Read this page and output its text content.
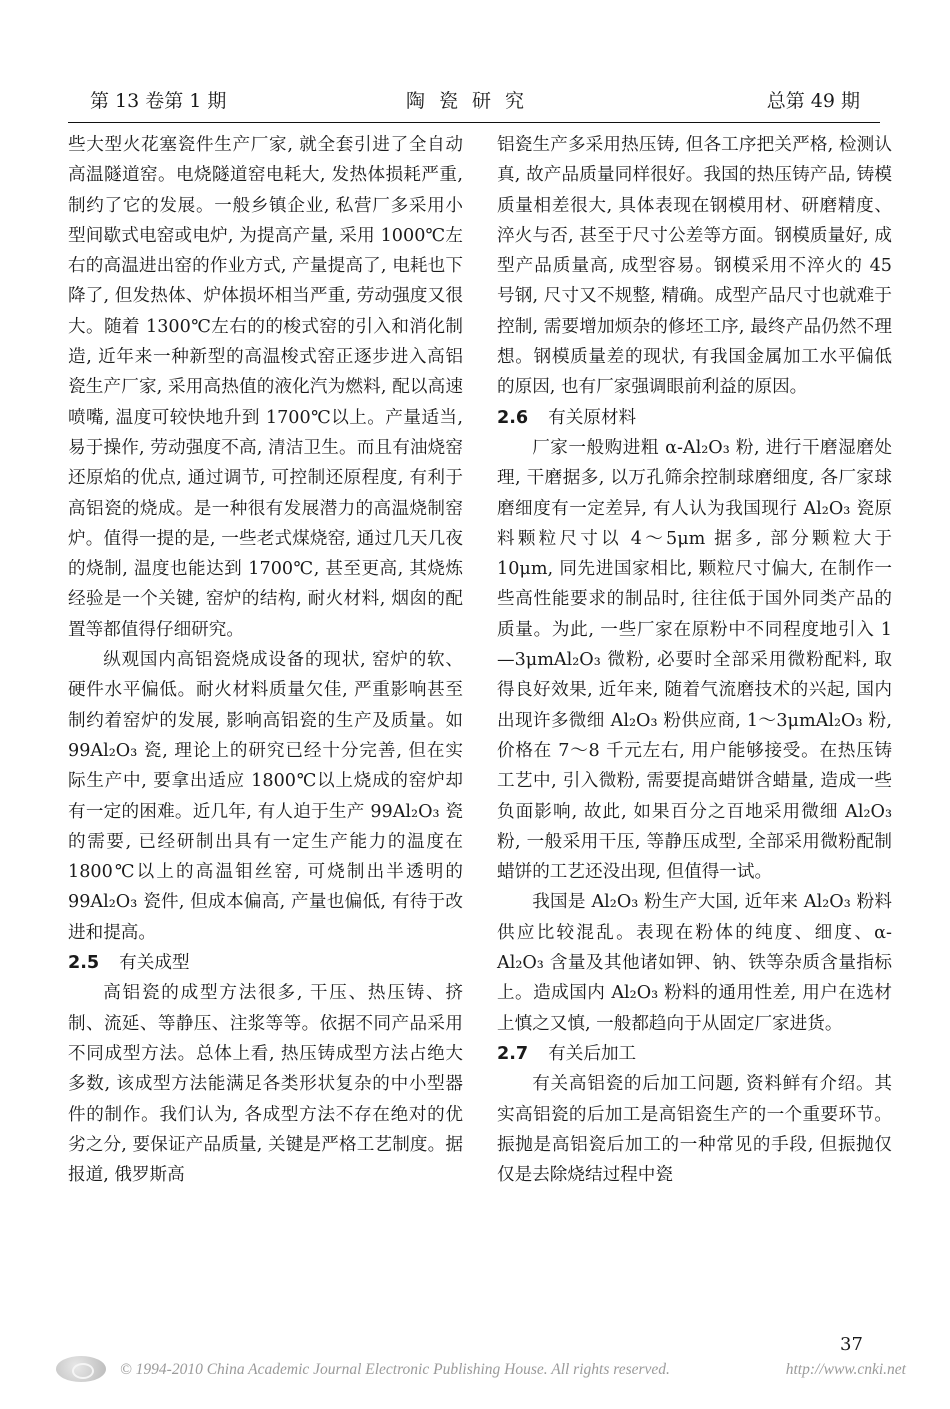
第 13 卷第 1 期	陶瓷研究	总第 49 期

些大型火花塞瓷件生产厂家, 就全套引进了全自动高温隧道窑。电烧隧道窑电耗大, 发热体损耗严重, 制约了它的发展。一般乡镇企业, 私营厂多采用小型间歇式电窑或电炉, 为提高产量, 采用 1000℃左右的高温进出窑的作业方式, 产量提高了, 电耗也下降了, 但发热体、炉体损坏相当严重, 劳动强度又很大。随着 1300℃左右的的梭式窑的引入和消化制造, 近年来一种新型的高温梭式窑正逐步进入高铝瓷生产厂家, 采用高热值的液化汽为燃料, 配以高速喷嘴, 温度可较快地升到 1700℃以上。产量适当, 易于操作, 劳动强度不高, 清洁卫生。而且有油烧窑还原焰的优点, 通过调节, 可控制还原程度, 有利于高铝瓷的烧成。是一种很有发展潜力的高温烧制窑炉。值得一提的是, 一些老式煤烧窑, 通过几天几夜的烧制, 温度也能达到 1700℃, 甚至更高, 其烧炼经验是一个关键, 窑炉的结构, 耐火材料, 烟囱的配置等都值得仔细研究。

纵观国内高铝瓷烧成设备的现状, 窑炉的软、硬件水平偏低。耐火材料质量欠佳, 严重影响甚至制约着窑炉的发展, 影响高铝瓷的生产及质量。如 99Al₂O₃ 瓷, 理论上的研究已经十分完善, 但在实际生产中, 要拿出适应 1800℃以上烧成的窑炉却有一定的困难。近几年, 有人迫于生产 99Al₂O₃ 瓷的需要, 已经研制出具有一定生产能力的温度在 1800℃以上的高温钼丝窑, 可烧制出半透明的 99Al₂O₃ 瓷件, 但成本偏高, 产量也偏低, 有待于改进和提高。

2.5 有关成型

高铝瓷的成型方法很多, 干压、热压铸、挤制、流延、等静压、注浆等等。依据不同产品采用不同成型方法。总体上看, 热压铸成型方法占绝大多数, 该成型方法能满足各类形状复杂的中小型器件的制作。我们认为, 各成型方法不存在绝对的优劣之分, 要保证产品质量, 关键是严格工艺制度。据报道, 俄罗斯高

铝瓷生产多采用热压铸, 但各工序把关严格, 检测认真, 故产品质量同样很好。我国的热压铸产品, 铸模质量相差很大, 具体表现在钢模用材、研磨精度、淬火与否, 甚至于尺寸公差等方面。钢模质量好, 成型产品质量高, 成型容易。钢模采用不淬火的 45 号钢, 尺寸又不规整, 精确。成型产品尺寸也就难于控制, 需要增加烦杂的修坯工序, 最终产品仍然不理想。钢模质量差的现状, 有我国金属加工水平偏低的原因, 也有厂家强调眼前利益的原因。

2.6 有关原材料

厂家一般购进粗 α-Al₂O₃ 粉, 进行干磨湿磨处理, 干磨据多, 以万孔筛余控制球磨细度, 各厂家球磨细度有一定差异, 有人认为我国现行 Al₂O₃ 瓷原料颗粒尺寸以 4～5μm 据多, 部分颗粒大于 10μm, 同先进国家相比, 颗粒尺寸偏大, 在制作一些高性能要求的制品时, 往往低于国外同类产品的质量。为此, 一些厂家在原粉中不同程度地引入 1—3μmAl₂O₃ 微粉, 必要时全部采用微粉配料, 取得良好效果, 近年来, 随着气流磨技术的兴起, 国内出现许多微细 Al₂O₃ 粉供应商, 1～3μmAl₂O₃ 粉, 价格在 7～8 千元左右, 用户能够接受。在热压铸工艺中, 引入微粉, 需要提高蜡饼含蜡量, 造成一些负面影响, 故此, 如果百分之百地采用微细 Al₂O₃ 粉, 一般采用干压, 等静压成型, 全部采用微粉配制蜡饼的工艺还没出现, 但值得一试。

我国是 Al₂O₃ 粉生产大国, 近年来 Al₂O₃ 粉料供应比较混乱。表现在粉体的纯度、细度、α-Al₂O₃ 含量及其他诸如钾、钠、铁等杂质含量指标上。造成国内 Al₂O₃ 粉料的通用性差, 用户在选材上慎之又慎, 一般都趋向于从固定厂家进货。

2.7 有关后加工

有关高铝瓷的后加工问题, 资料鲜有介绍。其实高铝瓷的后加工是高铝瓷生产的一个重要环节。振抛是高铝瓷后加工的一种常见的手段, 但振抛仅仅是去除烧结过程中瓷

37
© 1994-2010 China Academic Journal Electronic Publishing House. All rights reserved.	http://www.cnki.net
